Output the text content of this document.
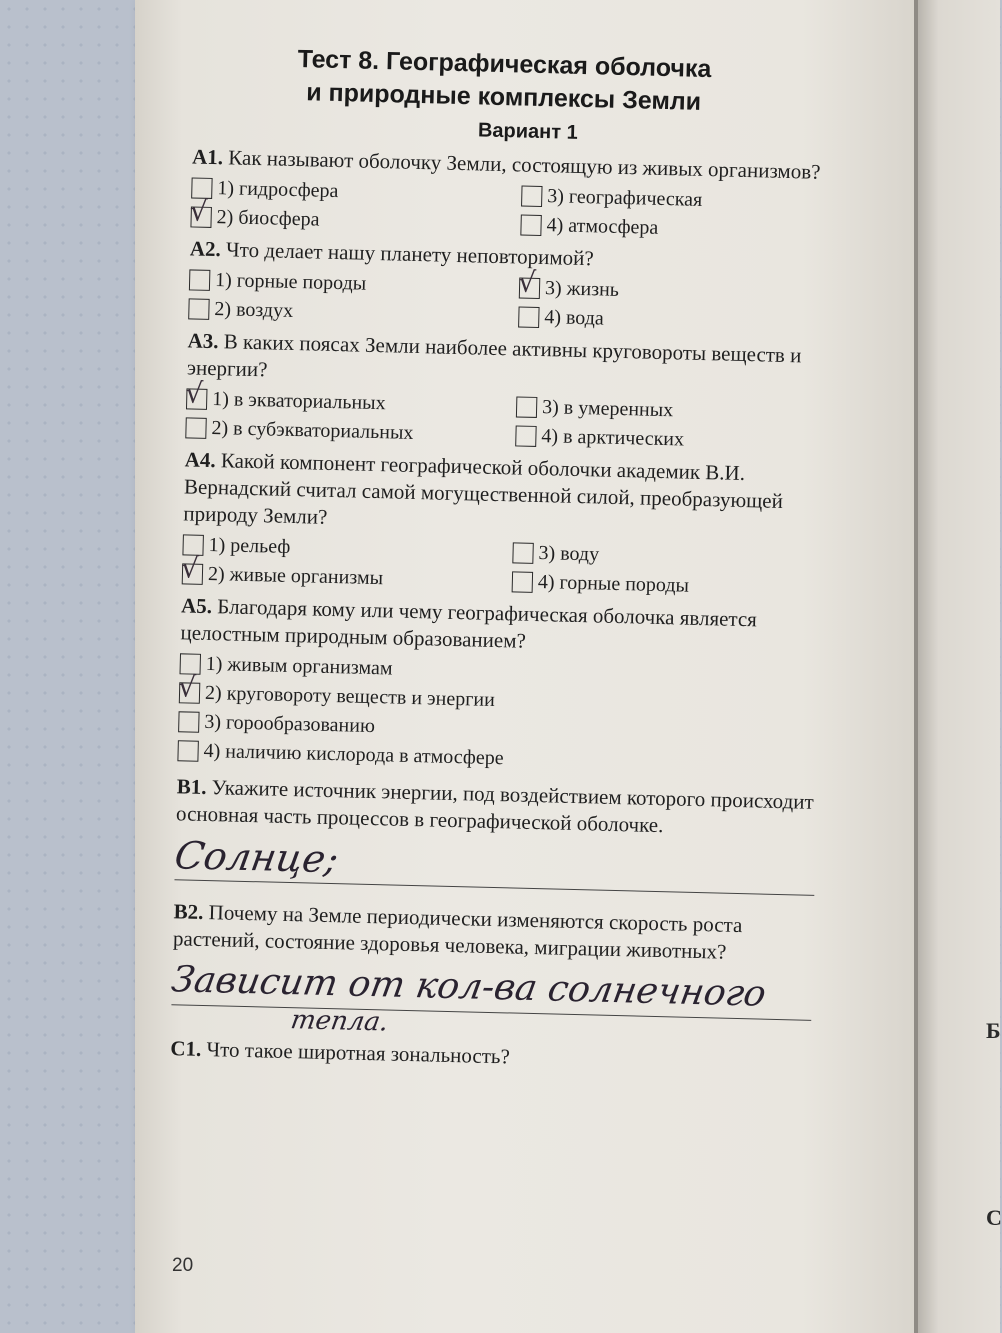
Б
С
Тест 8. Географическая оболочка
и природные комплексы Земли
Вариант 1
А1. Как называют оболочку Земли, состоящую из живых организмов?
1) гидросфера	3) географическая
√ 2) биосфера	4) атмосфера
А2. Что делает нашу планету неповторимой?
1) горные породы	√ 3) жизнь
2) воздух	4) вода
А3. В каких поясах Земли наиболее активны круговороты веществ и энергии?
√ 1) в экваториальных	3) в умеренных
2) в субэкваториальных	4) в арктических
А4. Какой компонент географической оболочки академик В.И. Вернадский считал самой могущественной силой, преобразующей природу Земли?
1) рельеф	3) воду
√ 2) живые организмы	4) горные породы
А5. Благодаря кому или чему географическая оболочка является целостным природным образованием?
1) живым организмам
√ 2) круговороту веществ и энергии
3) горообразованию
4) наличию кислорода в атмосфере
В1. Укажите источник энергии, под воздействием которого происходит основная часть процессов в географической оболочке.
Солнце;
В2. Почему на Земле периодически изменяются скорость роста растений, состояние здоровья человека, миграции животных?
Зависит от кол-ва солнечного
тепла.
С1. Что такое широтная зональность?
20
